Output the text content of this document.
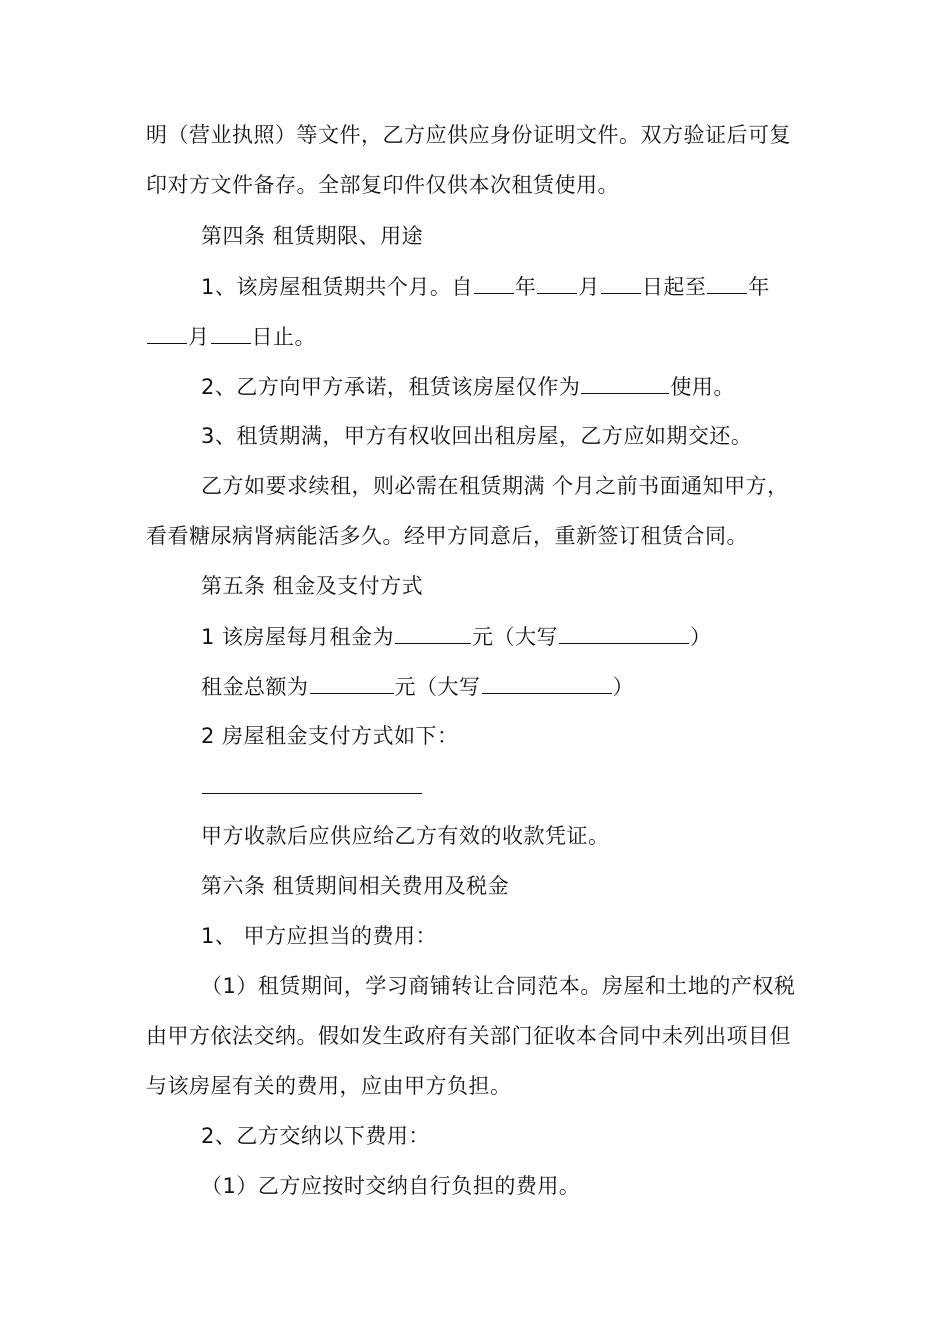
明（营业执照）等文件，乙方应供应身份证明文件。双方验证后可复
印对方文件备存。全部复印件仅供本次租赁使用。
第四条 租赁期限、用途
1、该房屋租赁期共个月。自 年 月 日起至 年
月 日止。
2、乙方向甲方承诺，租赁该房屋仅作为	使用。
3、租赁期满，甲方有权收回出租房屋，乙方应如期交还。
乙方如要求续租，则必需在租赁期满 个月之前书面通知甲方，
看看糖尿病肾病能活多久。经甲方同意后，重新签订租赁合同。
第五条 租金及支付方式
1 该房屋每月租金为	元（大写	）
租金总额为	元（大写	）
2 房屋租金支付方式如下：
甲方收款后应供应给乙方有效的收款凭证。
第六条 租赁期间相关费用及税金
1、 甲方应担当的费用：
（1）租赁期间，学习商铺转让合同范本。房屋和土地的产权税
由甲方依法交纳。假如发生政府有关部门征收本合同中未列出项目但
与该房屋有关的费用，应由甲方负担。
2、乙方交纳以下费用：
（1）乙方应按时交纳自行负担的费用。
